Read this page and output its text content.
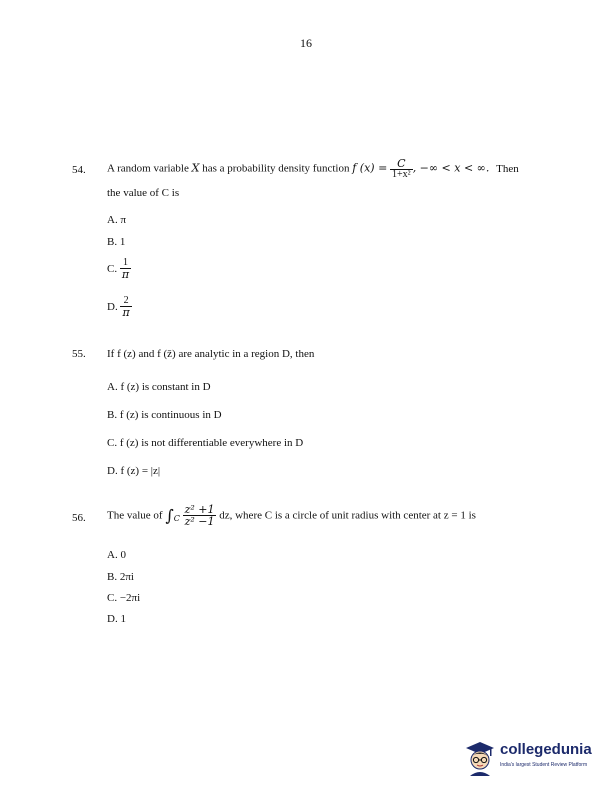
16
54. A random variable X has a probability density function f $(x) = \frac{C}{\text{1+x²}}$ , −∞ < x < ∞. Then
the value of C is
A. π
B. 1
C. $\frac{1}{\pi}$
D. $\frac{2}{\pi}$
55. If f (z) and f (z̄) are analytic in a region D, then
A. f (z) is constant in D
B. f (z) is continuous in D
C. f (z) is not differentiable everywhere in D
D. f (z) = |z|
56. The value of $\int_C \frac{\text{z² +1}}{\text{z² −1}}$ dz, where C is a circle of unit radius with center at z = 1 is
A. 0
B. 2πi
C. −2πi
D. 1
collegedunia
India's largest Student Review Platform
